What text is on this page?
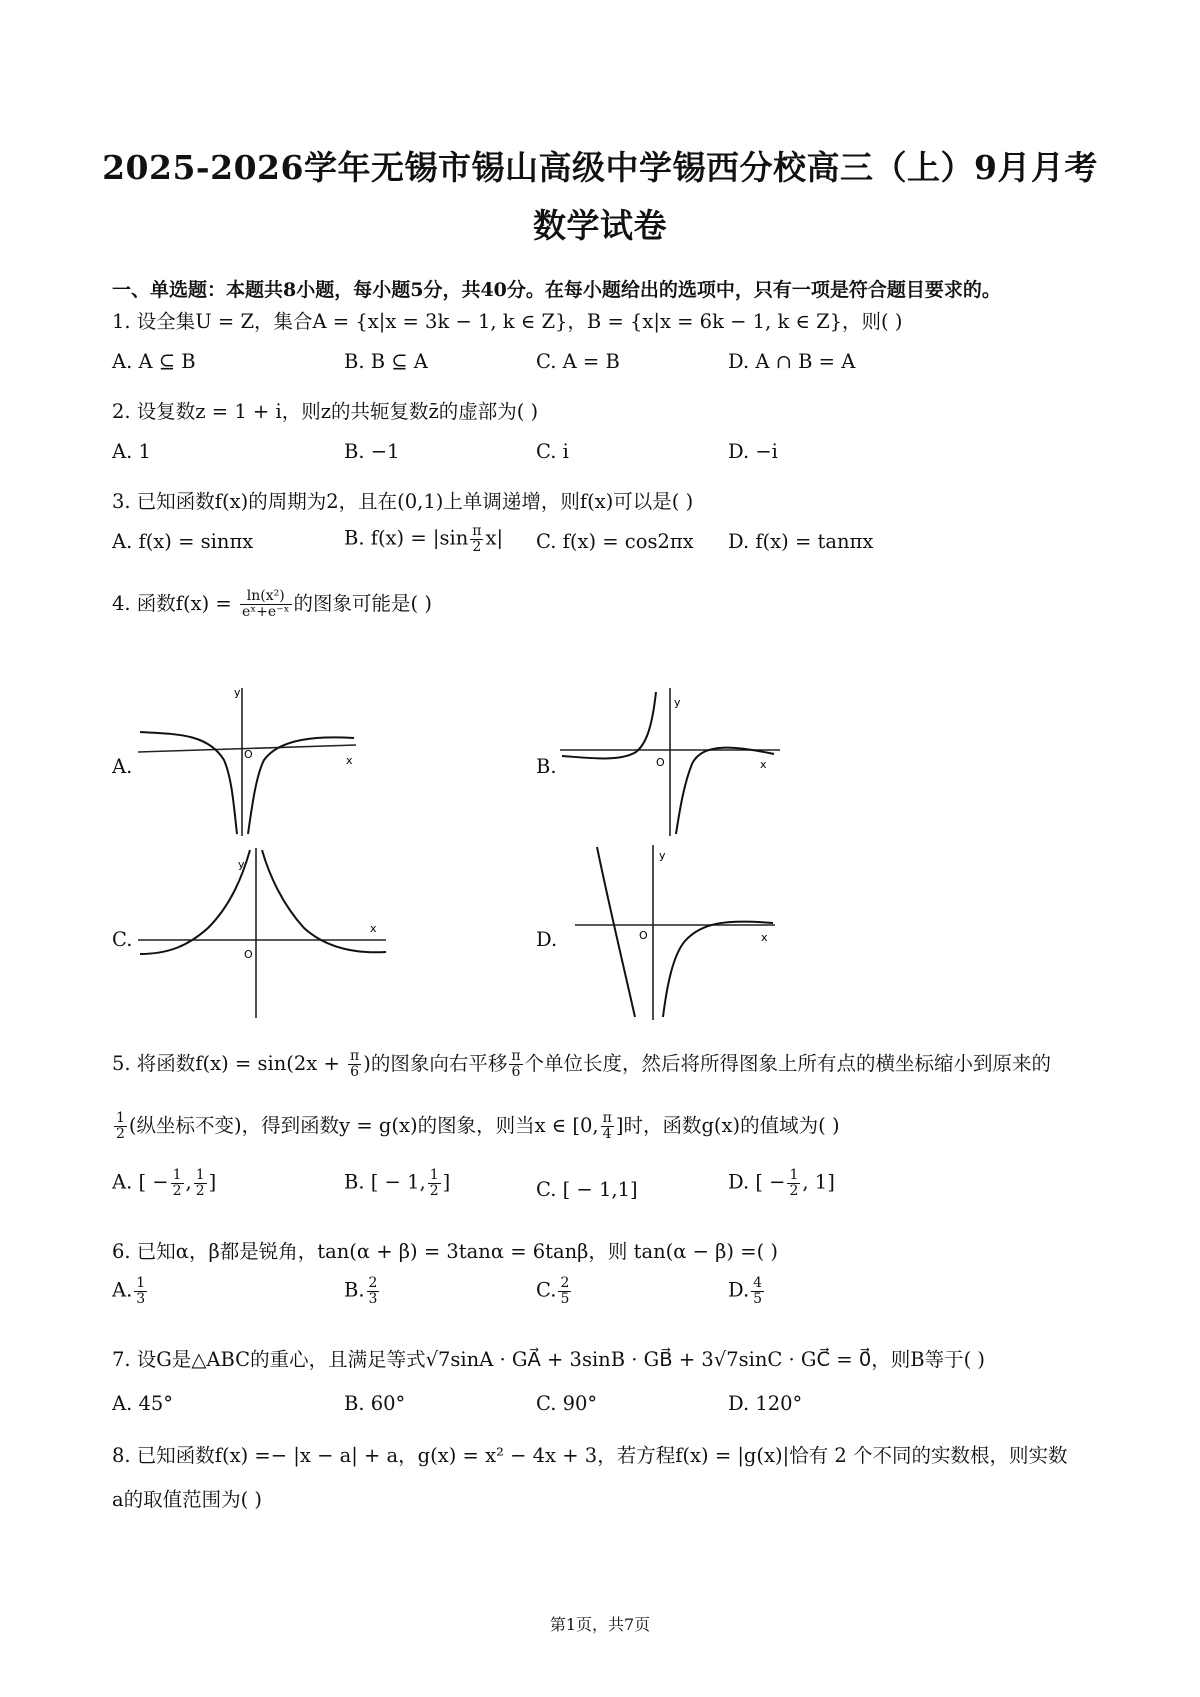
2025-2026学年无锡市锡山高级中学锡西分校高三（上）9月月考
数学试卷
一、单选题：本题共8小题，每小题5分，共40分。在每小题给出的选项中，只有一项是符合题目要求的。
1. 设全集U = Z，集合A = {x|x = 3k − 1, k ∈ Z}，B = {x|x = 6k − 1, k ∈ Z}，则( )
A. A ⊆ B	B. B ⊆ A	C. A = B	D. A ∩ B = A
2. 设复数z = 1 + i，则z的共轭复数z̄的虚部为( )
A. 1	B. −1	C. i	D. −i
3. 已知函数f(x)的周期为2，且在(0,1)上单调递增，则f(x)可以是( )
A. f(x) = sinπx	B. $f(x) = |\sin \frac{\pi}{2} x|$ C. f(x) = cos2πx D. f(x) = tanπx
4. 函数$f(x) = \frac{\text{ln(x²)}}{\text{eˣ+e⁻ˣ}}$ 的图象可能是( )
A.	B.
C.	D.
y
x
O
y
x
O
y
x
O
y
x
O
5. 将函数$f(x) = \sin(2x + \frac{\pi}{6}$ )的图象向右平移 $\frac{\pi}{6}$ 个单位长度，然后将所得图象上所有点的横坐标缩小到原来的
$\frac{1}{2}$ (纵坐标不变)，得到函数y = g(x)的图象，则当x ∈ [0, $\frac{\pi}{4}$ ]时，函数g(x)的值域为( )
A. [ − $\frac{1}{2}$ , $\frac{1}{2}$ ]	B. [ − 1, $\frac{1}{2}$ ]	C. [ − 1,1]	D. [ − $\frac{1}{2}$ , 1]
6. 已知α，β都是锐角，tan(α + β) = 3tanα = 6tanβ，则 tan(α − β) =( )
A. $\frac{1}{3}$	B. $\frac{2}{3}$	C. $\frac{2}{5}$	D. $\frac{4}{5}$
7. 设G是△ABC的重心，且满足等式√7sinA · GA⃗ + 3sinB · GB⃗ + 3√7sinC · GC⃗ = 0⃗，则B等于( )
A. 45°	B. 60°	C. 90°	D. 120°
8. 已知函数f(x) =− |x − a| + a，g(x) = x² − 4x + 3，若方程f(x) = |g(x)|恰有 2 个不同的实数根，则实数
a的取值范围为( )
第1页，共7页
